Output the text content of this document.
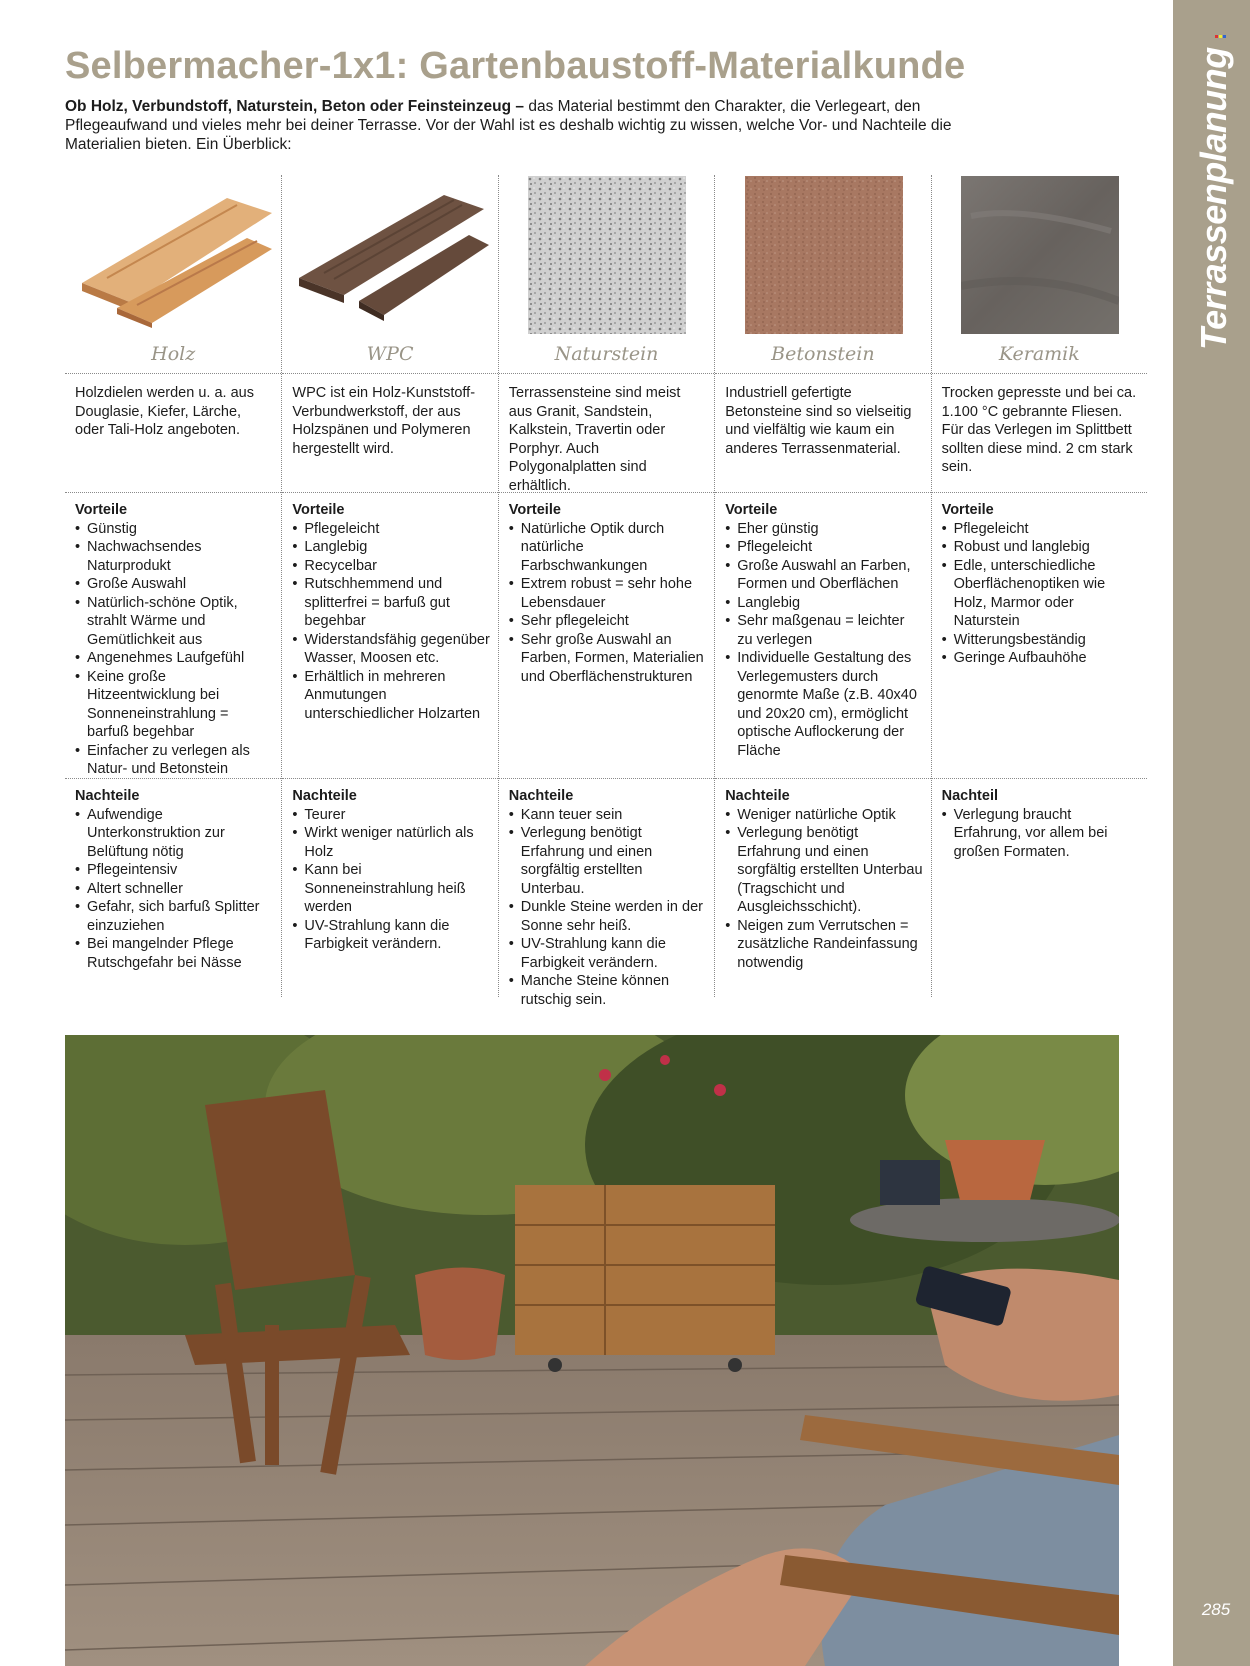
Terrassenplanung
285
Selbermacher-1x1: Gartenbaustoff-Materialkunde
Ob Holz, Verbundstoff, Naturstein, Beton oder Feinsteinzeug – das Material bestimmt den Charakter, die Verlegeart, den Pflegeaufwand und vieles mehr bei deiner Terrasse. Vor der Wahl ist es deshalb wichtig zu wissen, welche Vor- und Nachteile die Materialien bieten. Ein Überblick:
Holz
Holzdielen werden u. a. aus Douglasie, Kiefer, Lärche, oder Tali-Holz angeboten.
Vorteile
• Günstig
• Nachwachsendes Naturprodukt
• Große Auswahl
• Natürlich-schöne Optik, strahlt Wärme und Gemütlichkeit aus
• Angenehmes Laufgefühl
• Keine große Hitzeentwicklung bei Sonneneinstrahlung = barfuß begehbar
• Einfacher zu verlegen als Natur- und Betonstein
Nachteile
• Aufwendige Unterkonstruktion zur Belüftung nötig
• Pflegeintensiv
• Altert schneller
• Gefahr, sich barfuß Splitter einzuziehen
• Bei mangelnder Pflege Rutschgefahr bei Nässe
WPC
WPC ist ein Holz-Kunststoff-Verbundwerkstoff, der aus Holzspänen und Polymeren hergestellt wird.
Vorteile
• Pflegeleicht
• Langlebig
• Recycelbar
• Rutschhemmend und splitterfrei = barfuß gut begehbar
• Widerstandsfähig gegenüber Wasser, Moosen etc.
• Erhältlich in mehreren Anmutungen unterschiedlicher Holzarten
Nachteile
• Teurer
• Wirkt weniger natürlich als Holz
• Kann bei Sonneneinstrahlung heiß werden
• UV-Strahlung kann die Farbigkeit verändern.
Naturstein
Terrassensteine sind meist aus Granit, Sandstein, Kalkstein, Travertin oder Porphyr. Auch Polygonalplatten sind erhältlich.
Vorteile
• Natürliche Optik durch natürliche Farbschwankungen
• Extrem robust = sehr hohe Lebensdauer
• Sehr pflegeleicht
• Sehr große Auswahl an Farben, Formen, Materialien und Oberflächenstrukturen
Nachteile
• Kann teuer sein
• Verlegung benötigt Erfahrung und einen sorgfältig erstellten Unterbau.
• Dunkle Steine werden in der Sonne sehr heiß.
• UV-Strahlung kann die Farbigkeit verändern.
• Manche Steine können rutschig sein.
Betonstein
Industriell gefertigte Betonsteine sind so vielseitig und vielfältig wie kaum ein anderes Terrassenmaterial.
Vorteile
• Eher günstig
• Pflegeleicht
• Große Auswahl an Farben, Formen und Oberflächen
• Langlebig
• Sehr maßgenau = leichter zu verlegen
• Individuelle Gestaltung des Verlegemusters durch genormte Maße (z.B. 40x40 und 20x20 cm), ermöglicht optische Auflockerung der Fläche
Nachteile
• Weniger natürliche Optik
• Verlegung benötigt Erfahrung und einen sorgfältig erstellten Unterbau (Tragschicht und Ausgleichsschicht).
• Neigen zum Verrutschen = zusätzliche Randeinfassung notwendig
Keramik
Trocken gepresste und bei ca. 1.100 °C gebrannte Fliesen. Für das Verlegen im Splittbett sollten diese mind. 2 cm stark sein.
Vorteile
• Pflegeleicht
• Robust und langlebig
• Edle, unterschiedliche Oberflächenoptiken wie Holz, Marmor oder Naturstein
• Witterungsbeständig
• Geringe Aufbauhöhe
Nachteil
• Verlegung braucht Erfahrung, vor allem bei großen Formaten.
